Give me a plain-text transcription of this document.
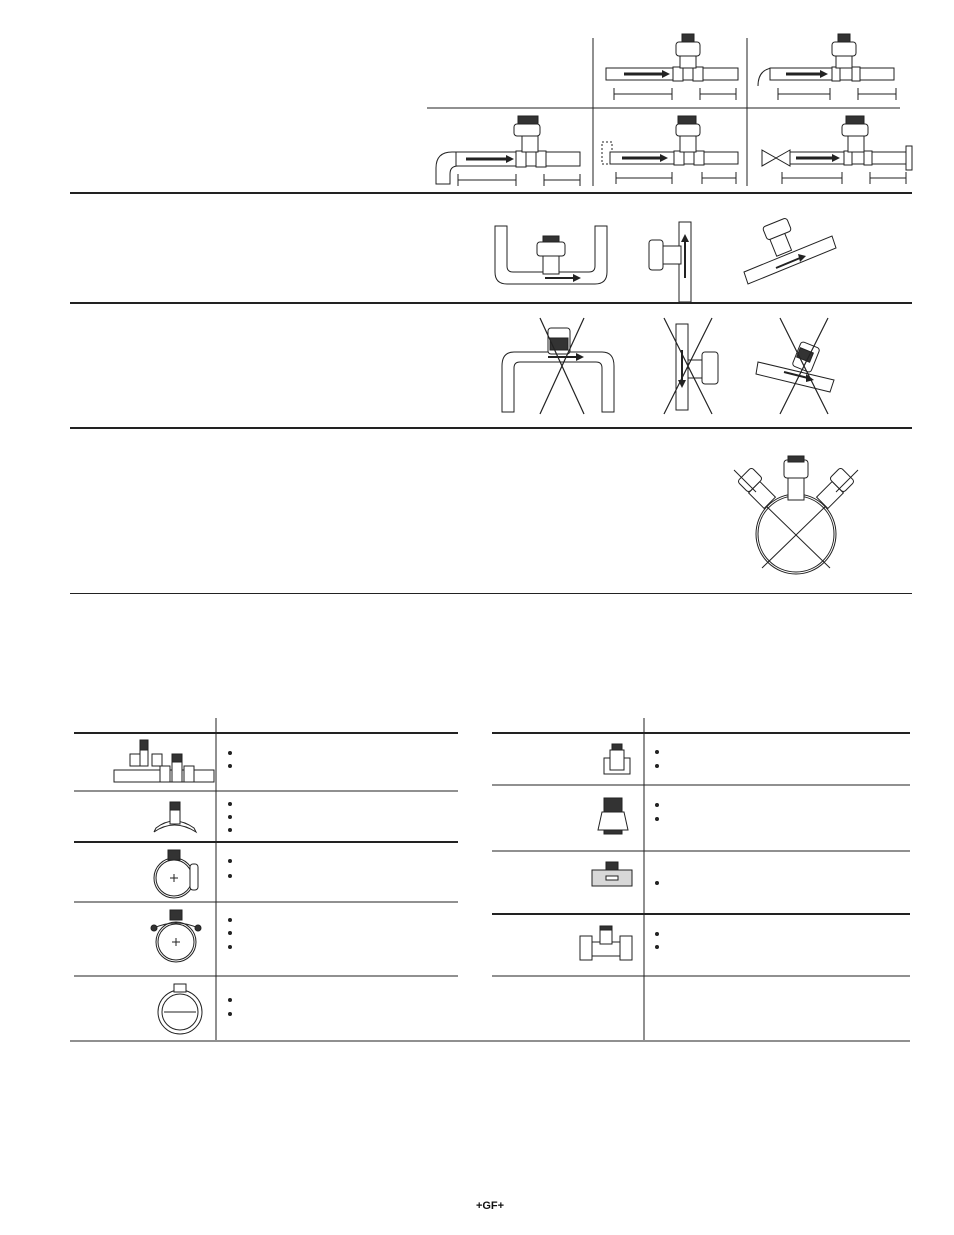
+GF+
